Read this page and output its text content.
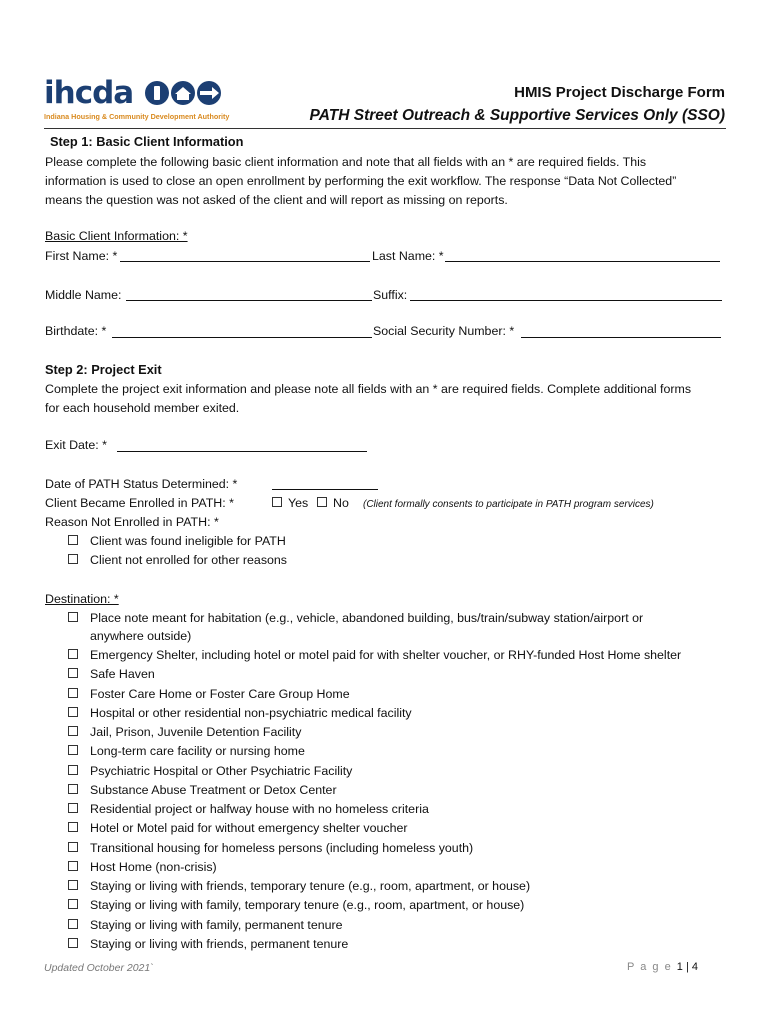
ihcda
Indiana Housing & Community Development Authority
HMIS Project Discharge Form
PATH Street Outreach & Supportive Services Only (SSO)
Step 1: Basic Client Information
Please complete the following basic client information and note that all fields with an * are required fields. This
information is used to close an open enrollment by performing the exit workflow. The response “Data Not Collected”
means the question was not asked of the client and will report as missing on reports.
Basic Client Information: *
First Name: *	Last Name: *
Middle Name:	Suffix:
Birthdate: *	Social Security Number: *
Step 2: Project Exit
Complete the project exit information and please note all fields with an * are required fields. Complete additional forms
for each household member exited.
Exit Date: *
Date of PATH Status Determined: *
Client Became Enrolled in PATH: *	Yes	No (Client formally consents to participate in PATH program services)
Reason Not Enrolled in PATH: *
Client was found ineligible for PATH
Client not enrolled for other reasons
Destination: *
Place note meant for habitation (e.g., vehicle, abandoned building, bus/train/subway station/airport or
anywhere outside)
Emergency Shelter, including hotel or motel paid for with shelter voucher, or RHY-funded Host Home shelter
Safe Haven
Foster Care Home or Foster Care Group Home
Hospital or other residential non-psychiatric medical facility
Jail, Prison, Juvenile Detention Facility
Long-term care facility or nursing home
Psychiatric Hospital or Other Psychiatric Facility
Substance Abuse Treatment or Detox Center
Residential project or halfway house with no homeless criteria
Hotel or Motel paid for without emergency shelter voucher
Transitional housing for homeless persons (including homeless youth)
Host Home (non-crisis)
Staying or living with friends, temporary tenure (e.g., room, apartment, or house)
Staying or living with family, temporary tenure (e.g., room, apartment, or house)
Staying or living with family, permanent tenure
Staying or living with friends, permanent tenure
Updated October 2021`	P a g e 1 | 4
